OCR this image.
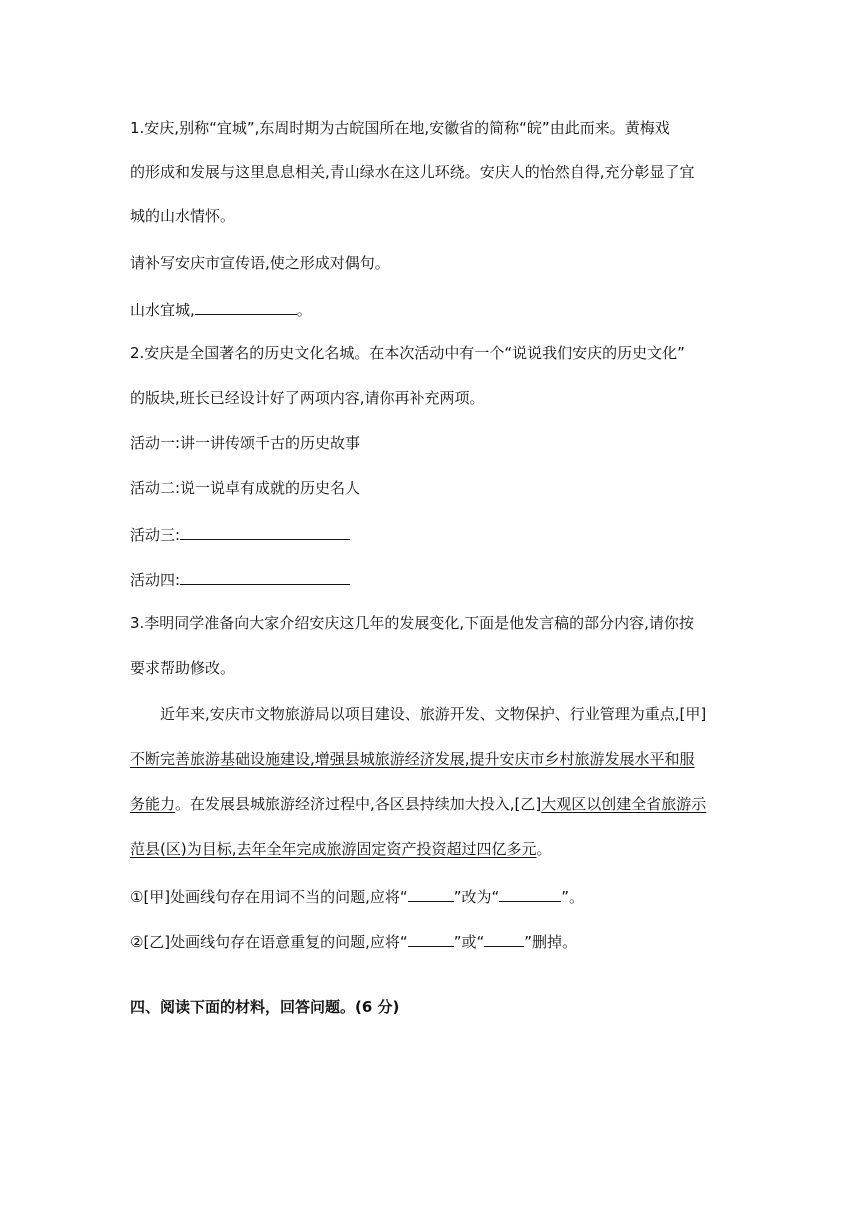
1.安庆,别称“宜城”,东周时期为古皖国所在地,安徽省的简称“皖”由此而来。黄梅戏
的形成和发展与这里息息相关,青山绿水在这儿环绕。安庆人的怡然自得,充分彰显了宜
城的山水情怀。
请补写安庆市宣传语,使之形成对偶句。
山水宜城,	。
2.安庆是全国著名的历史文化名城。在本次活动中有一个“说说我们安庆的历史文化”
的版块,班长已经设计好了两项内容,请你再补充两项。
活动一:讲一讲传颂千古的历史故事
活动二:说一说卓有成就的历史名人
活动三:
活动四:
3.李明同学准备向大家介绍安庆这几年的发展变化,下面是他发言稿的部分内容,请你按
要求帮助修改。
近年来,安庆市文物旅游局以项目建设、旅游开发、文物保护、行业管理为重点,[甲]
不断完善旅游基础设施建设,增强县城旅游经济发展,提升安庆市乡村旅游发展水平和服
务能力。在发展县城旅游经济过程中,各区县持续加大投入,[乙]大观区以创建全省旅游示
范县(区)为目标,去年全年完成旅游固定资产投资超过四亿多元。
①[甲]处画线句存在用词不当的问题,应将“	”改为“	”。
②[乙]处画线句存在语意重复的问题,应将“	”或“	”删掉。
四、阅读下面的材料，回答问题。(6 分)
